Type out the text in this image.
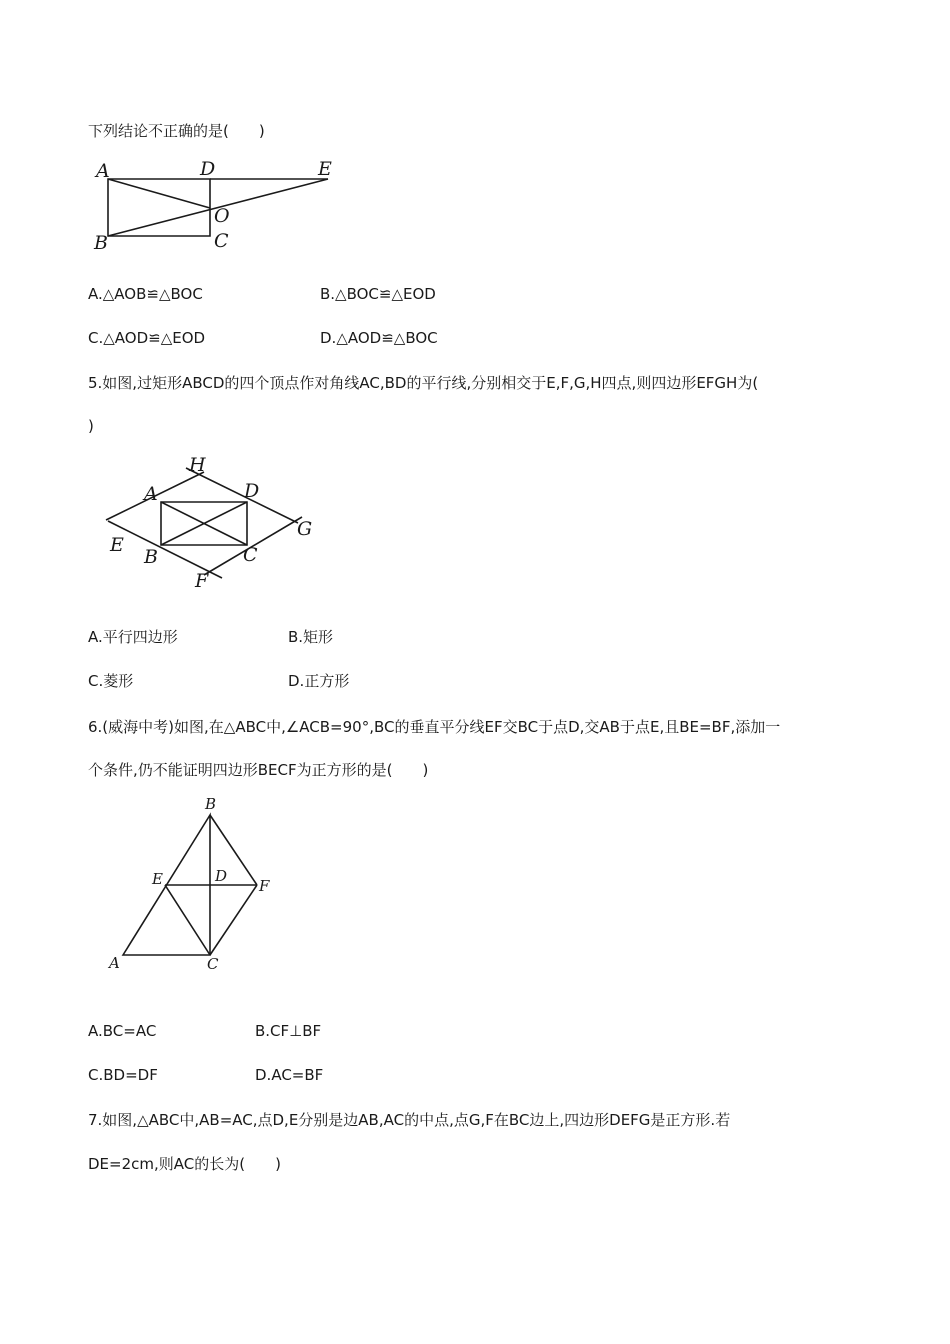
下列结论不正确的是(　　)
A	D	E
O
B	C
A.△AOB≌△BOC	B.△BOC≌△EOD
C.△AOD≌△EOD	D.△AOD≌△BOC
5.如图,过矩形ABCD的四个顶点作对角线AC,BD的平行线,分别相交于E,F,G,H四点,则四边形EFGH为(
)
H
A	D
E
G
B	C
F
A.平行四边形	B.矩形
C.菱形	D.正方形
6.(威海中考)如图,在△ABC中,∠ACB=90°,BC的垂直平分线EF交BC于点D,交AB于点E,且BE=BF,添加一
个条件,仍不能证明四边形BECF为正方形的是(　　)
B
E	D
F
A	C
A.BC=AC	B.CF⊥BF
C.BD=DF	D.AC=BF
7.如图,△ABC中,AB=AC,点D,E分别是边AB,AC的中点,点G,F在BC边上,四边形DEFG是正方形.若
DE=2cm,则AC的长为(　　)
